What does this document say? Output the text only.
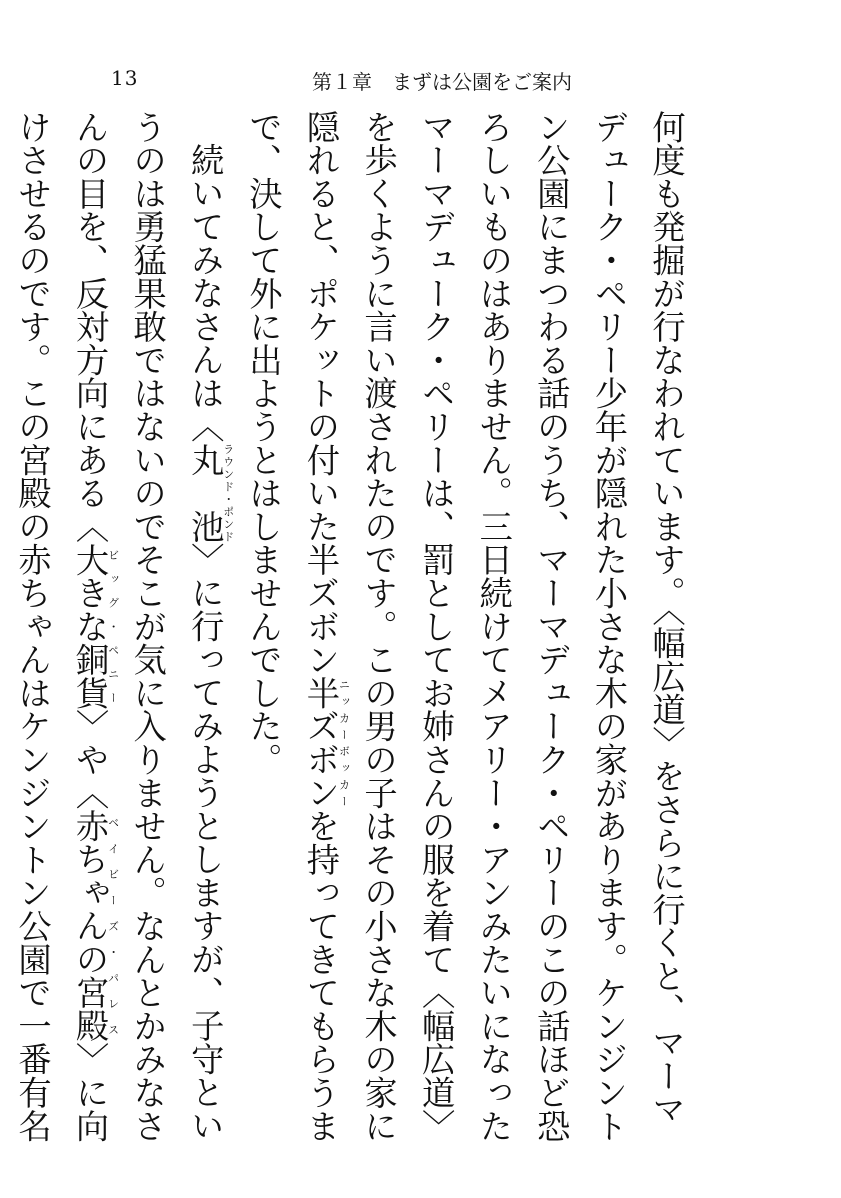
13	第１章　まずは公園をご案内
何度も発掘が行なわれています。〈幅広道〉をさらに行くと、マーマデューク・ペリー少年が隠れた小さな木の家があります。ケンジントン公園にまつわる話のうち、マーマデューク・ペリーのこの話ほど恐ろしいものはありません。三日続けてメアリー・アンみたいになったマーマデューク・ペリーは、罰としてお姉さんの服を着て〈幅広道〉を歩くように言い渡されたのです。この男の子はその小さな木の家に隠れると、ポケットの付いた半ズボン半ズボンニッカーボッカーを持ってきてもらうまで、決して外に出ようとはしませんでした。
続いてみなさんは〈丸　池ラウンド・ポンド〉に行ってみようとしますが、子守というのは勇猛果敢ではないのでそこが気に入りません。なんとかみなさんの目を、反対方向にある〈大きな銅貨ビッグ・ペニー〉や〈赤ちゃんの宮殿ベイビーズ・パレス〉に向けさせるのです。この宮殿の赤ちゃんはケンジントン公園で一番有名
